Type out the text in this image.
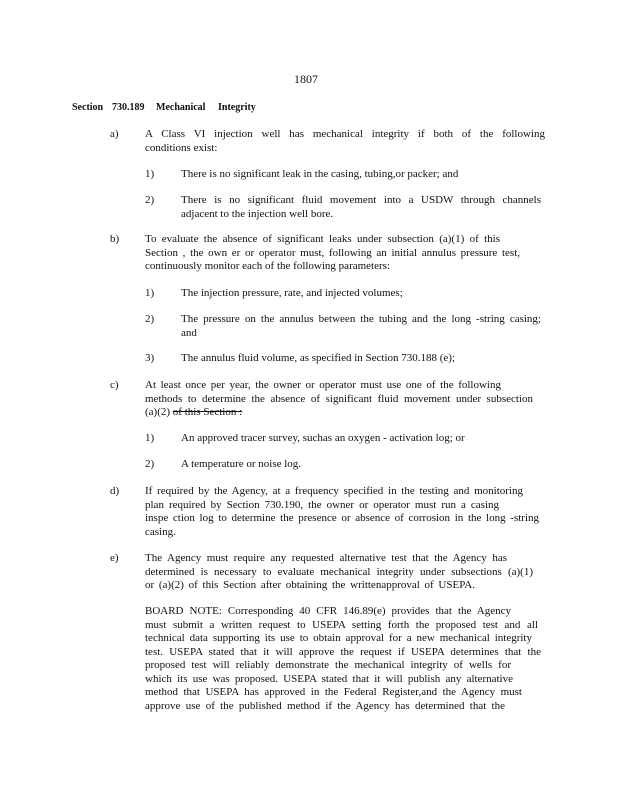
1807
Section 730.189 Mechanical Integrity
a) A Class VI injection well has mechanical integrity if both of the following
conditions exist:
1) There is no significant leak in the casing, tubing,or packer; and
2) There is no significant fluid movement into a USDW through channels
adjacent to the injection well bore.
b) To evaluate the absence of significant leaks under subsection (a)(1) of this
Section , the own er or operator must, following an initial annulus pressure test,
continuously monitor each of the following parameters:
1) The injection pressure, rate, and injected volumes;
2) The pressure on the annulus between the tubing and the long -string casing;
and
3) The annulus fluid volume, as specified in Section 730.188 (e);
c) At least once per year, the owner or operator must use one of the following
methods to determine the absence of significant fluid movement under subsection
(a)(2) of this Section :
1) An approved tracer survey, suchas an oxygen - activation log; or
2) A temperature or noise log.
d) If required by the Agency, at a frequency specified in the testing and monitoring
plan required by Section 730.190, the owner or operator must run a casing
inspe ction log to determine the presence or absence of corrosion in the long -string
casing.
e) The Agency must require any requested alternative test that the Agency has
determined is necessary to evaluate mechanical integrity under subsections (a)(1)
or (a)(2) of this Section after obtaining the writtenapproval of USEPA.
BOARD NOTE: Corresponding 40 CFR 146.89(e) provides that the Agency
must submit a written request to USEPA setting forth the proposed test and all
technical data supporting its use to obtain approval for a new mechanical integrity
test. USEPA stated that it will approve the request if USEPA determines that the
proposed test will reliably demonstrate the mechanical integrity of wells for
which its use was proposed. USEPA stated that it will publish any alternative
method that USEPA has approved in the Federal Register,and the Agency must
approve use of the published method if the Agency has determined that the
